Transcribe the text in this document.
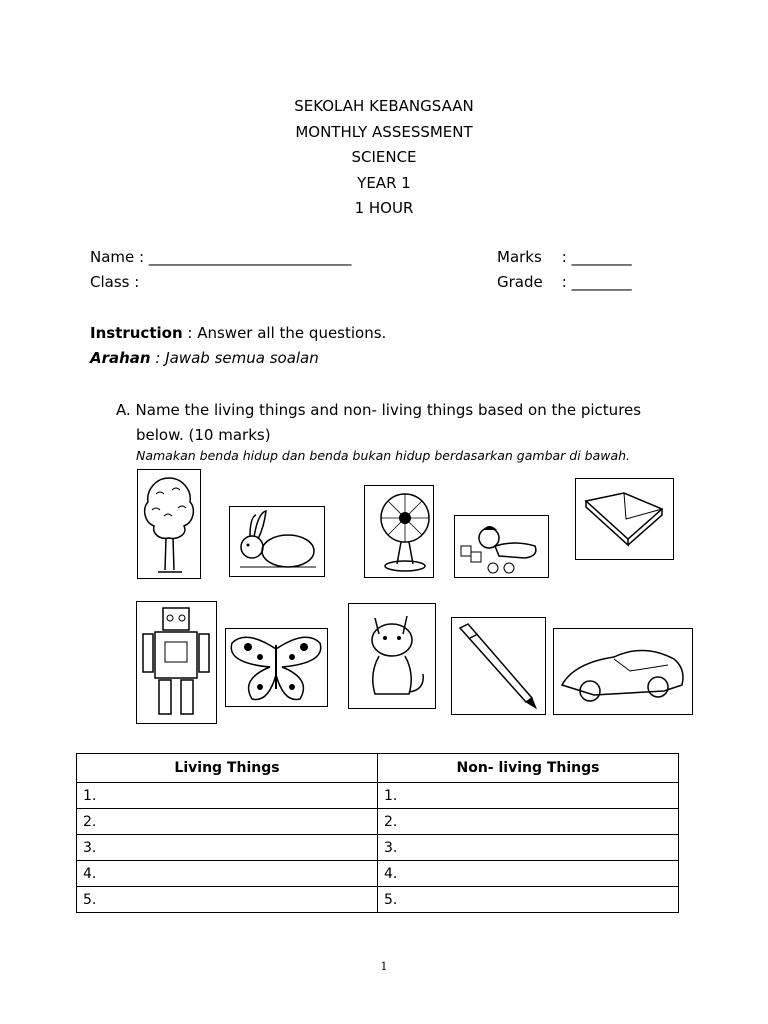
SEKOLAH KEBANGSAAN
MONTHLY ASSESSMENT
SCIENCE
YEAR 1
1 HOUR
Name : ___________________________
Class :
Marks : ________
Grade : ________
Instruction : Answer all the questions.
Arahan : Jawab semua soalan
A. Name the living things and non- living things based on the pictures
below. (10 marks)
Namakan benda hidup dan benda bukan hidup berdasarkan gambar di bawah.
Living Things	Non- living Things
1.	1.
2.	2.
3.	3.
4.	4.
5.	5.
1
